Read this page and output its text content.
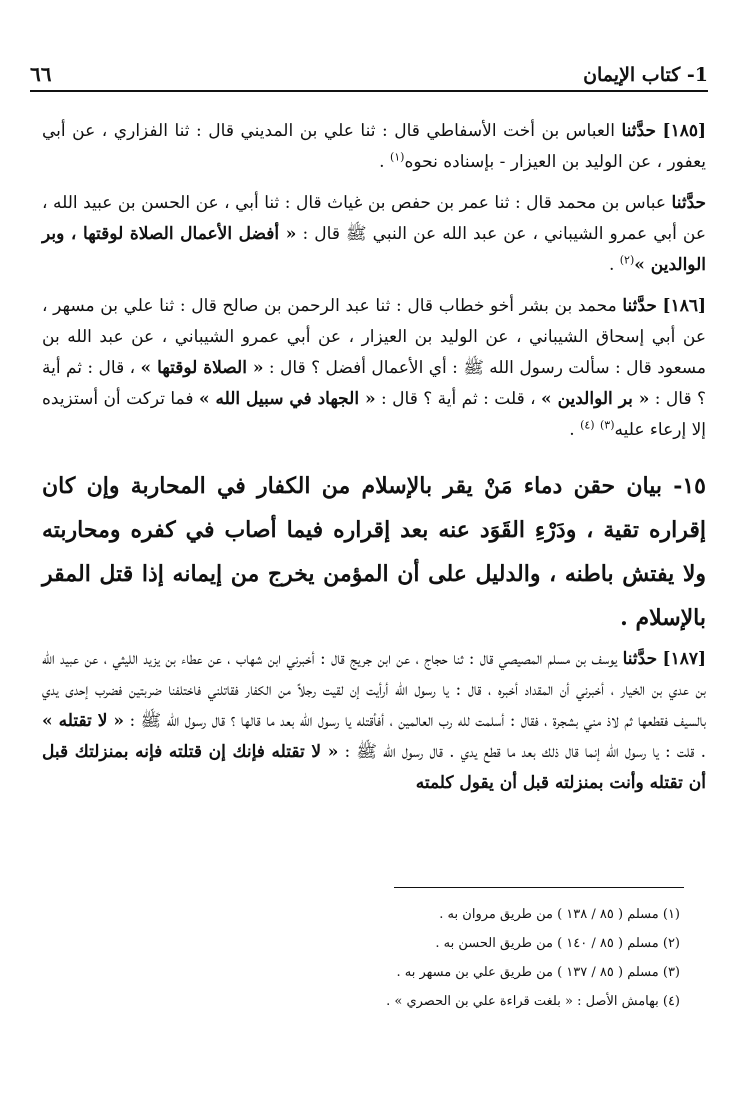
1- كتاب الإيمان
٦٦

[١٨٥] حدَّثنا العباس بن أخت الأسفاطي قال : ثنا علي بن المديني قال : ثنا الفزاري ، عن أبي يعفور ، عن الوليد بن العيزار - بإسناده نحوه$^{(١)}$ .

حدَّثنا عباس بن محمد قال : ثنا عمر بن حفص بن غياث قال : ثنا أبي ، عن الحسن بن عبيد الله ، عن أبي عمرو الشيباني ، عن عبد الله عن النبي ﷺ قال : « أفضل الأعمال الصلاة لوقتها ، وبر الوالدين »$^{(٢)}$ .

[١٨٦] حدَّثنا محمد بن بشر أخو خطاب قال : ثنا عبد الرحمن بن صالح قال : ثنا علي بن مسهر ، عن أبي إسحاق الشيباني ، عن الوليد بن العيزار ، عن أبي عمرو الشيباني ، عن عبد الله بن مسعود قال : سألت رسول الله ﷺ : أي الأعمال أفضل ؟ قال : « الصلاة لوقتها » ، قال : ثم أية ؟ قال : « بر الوالدين » ، قلت : ثم أية ؟ قال : « الجهاد في سبيل الله » فما تركت أن أستزيده إلا إرعاء عليه$^{(٣)}$ $^{(٤)}$ .

١٥- بيان حقن دماء مَنْ يقر بالإسلام من الكفار في المحاربة وإن كان إقراره تقية ، ودَرْءِ القَوَد عنه بعد إقراره فيما أصاب في كفره ومحاربته ولا يفتش باطنه ، والدليل على أن المؤمن يخرج من إيمانه إذا قتل المقر بالإسلام .

[١٨٧] حدَّثنا يوسف بن مسلم المصيصي قال : ثنا حجاج ، عن ابن جريج قال : أخبرني ابن شهاب ، عن عطاء بن يزيد الليثي ، عن عبيد الله بن عدي بن الخيار ، أخبرني أن المقداد أخبره ، قال : يا رسول الله أرأيت إن لقيت رجلاً من الكفار فقاتلني فاختلفنا ضربتين فضرب إحدى يدي بالسيف فقطعها ثم لاذ مني بشجرة ، فقال : أسلمت لله رب العالمين ، أفأقتله يا رسول الله بعد ما قالها ؟ قال رسول الله ﷺ : « لا تقتله » . قلت : يا رسول الله إنما قال ذلك بعد ما قطع يدي . قال رسول الله ﷺ : « لا تقتله فإنك إن قتلته فإنه بمنزلتك قبل أن تقتله وأنت بمنزلته قبل أن يقول كلمته

(١) مسلم ( ٨٥ / ١٣٨ ) من طريق مروان به .

(٢) مسلم ( ٨٥ / ١٤٠ ) من طريق الحسن به .

(٣) مسلم ( ٨٥ / ١٣٧ ) من طريق علي بن مسهر به .

(٤) بهامش الأصل : « بلغت قراءة علي بن الحصري » .
